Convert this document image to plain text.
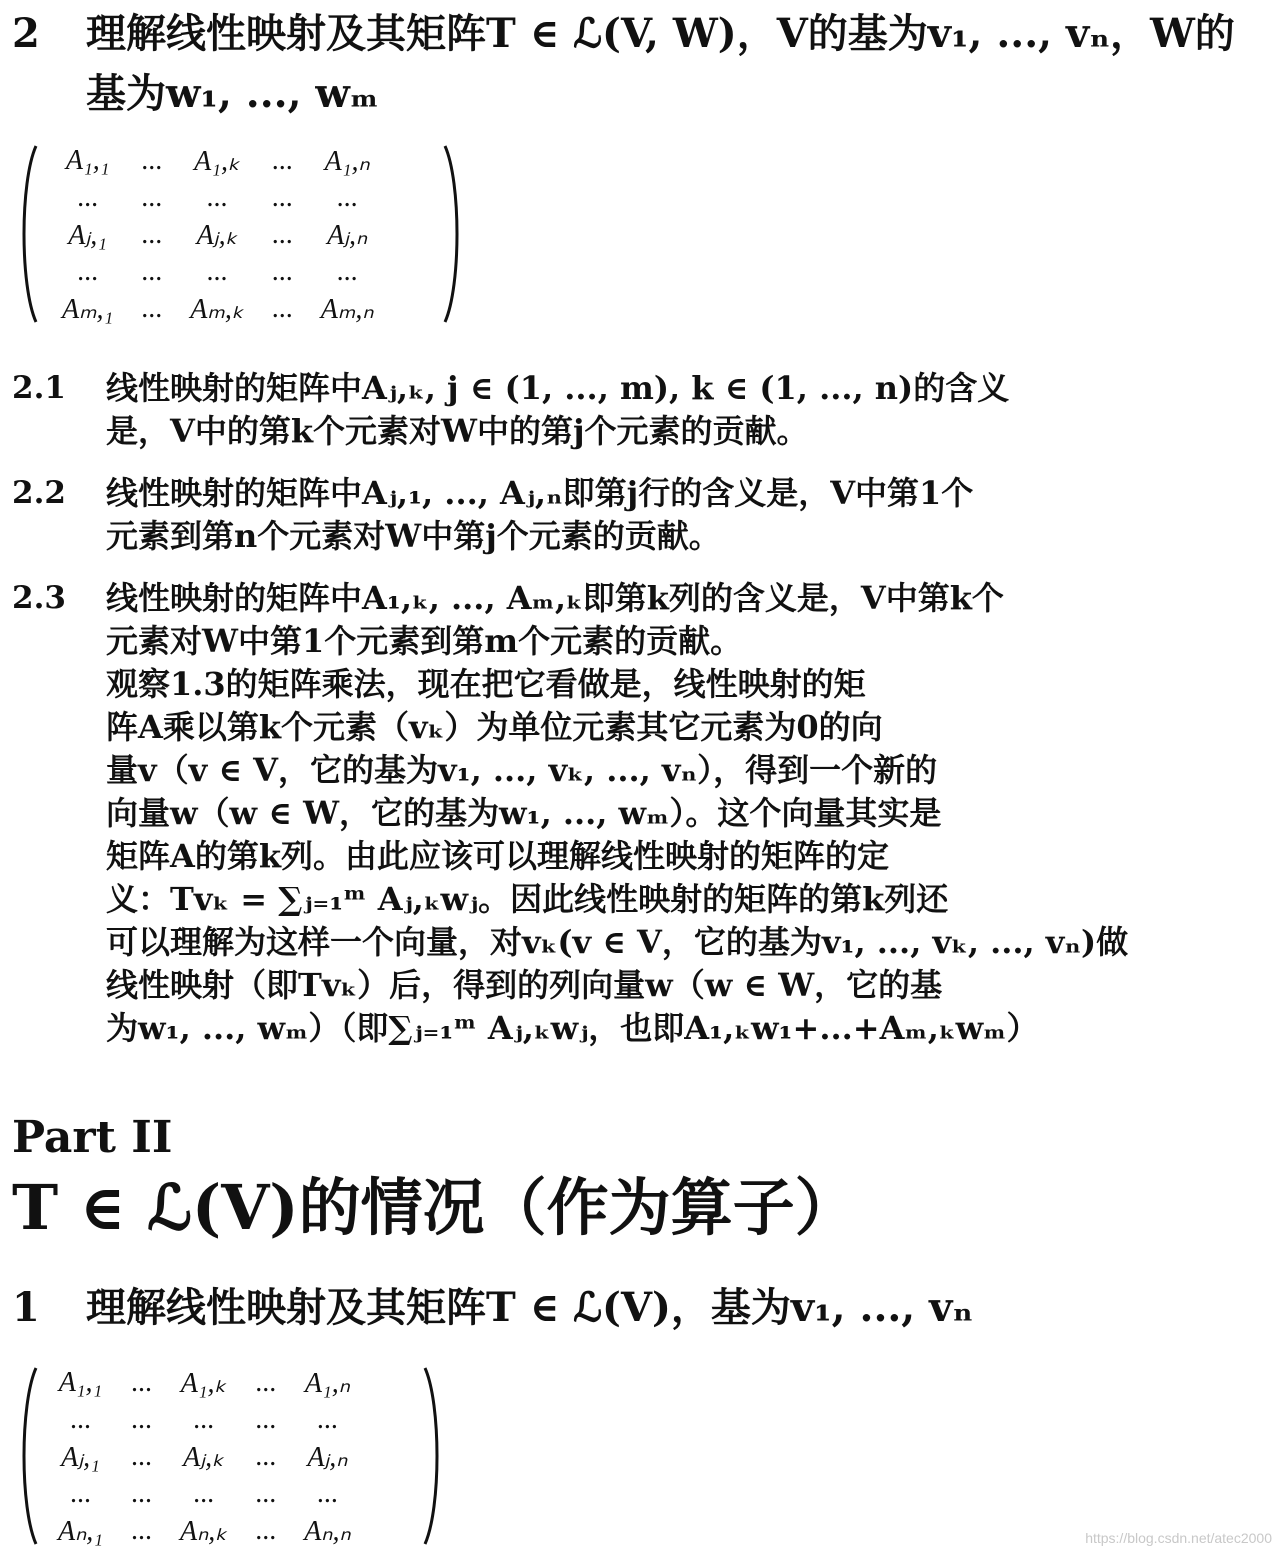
2 理解线性映射及其矩阵T ∈ ℒ(V, W)，V的基为v₁, ..., vₙ，W的
基为w₁, ..., wₘ
A₁,₁	...	A₁,ₖ	...	A₁,ₙ
...	...	...	...	...
Aⱼ,₁	...	Aⱼ,ₖ	...	Aⱼ,ₙ
...	...	...	...	...
Aₘ,₁	...	Aₘ,ₖ	...	Aₘ,ₙ
2.1 线性映射的矩阵中Aⱼ,ₖ, j ∈ (1, ..., m), k ∈ (1, ..., n)的含义
是，V中的第k个元素对W中的第j个元素的贡献。
2.2 线性映射的矩阵中Aⱼ,₁, ..., Aⱼ,ₙ即第j行的含义是，V中第1个
元素到第n个元素对W中第j个元素的贡献。
2.3 线性映射的矩阵中A₁,ₖ, ..., Aₘ,ₖ即第k列的含义是，V中第k个
元素对W中第1个元素到第m个元素的贡献。
观察1.3的矩阵乘法，现在把它看做是，线性映射的矩
阵A乘以第k个元素（vₖ）为单位元素其它元素为0的向
量v（v ∈ V，它的基为v₁, ..., vₖ, ..., vₙ），得到一个新的
向量w（w ∈ W，它的基为w₁, ..., wₘ）。这个向量其实是
矩阵A的第k列。由此应该可以理解线性映射的矩阵的定
义：Tvₖ = ∑ⱼ₌₁ᵐ Aⱼ,ₖwⱼ。因此线性映射的矩阵的第k列还
可以理解为这样一个向量，对vₖ(v ∈ V，它的基为v₁, ..., vₖ, ..., vₙ)做
线性映射（即Tvₖ）后，得到的列向量w（w ∈ W，它的基
为w₁, ..., wₘ）（即∑ⱼ₌₁ᵐ Aⱼ,ₖwⱼ，也即A₁,ₖw₁+...+Aₘ,ₖwₘ）
Part II
T ∈ ℒ(V)的情况（作为算子）
1 理解线性映射及其矩阵T ∈ ℒ(V)，基为v₁, ..., vₙ
A₁,₁	...	A₁,ₖ	...	A₁,ₙ
...	...	...	...	...
Aⱼ,₁	...	Aⱼ,ₖ	...	Aⱼ,ₙ
...	...	...	...	...
Aₙ,₁	...	Aₙ,ₖ	...	Aₙ,ₙ	https://blog.csdn.net/atec2000
